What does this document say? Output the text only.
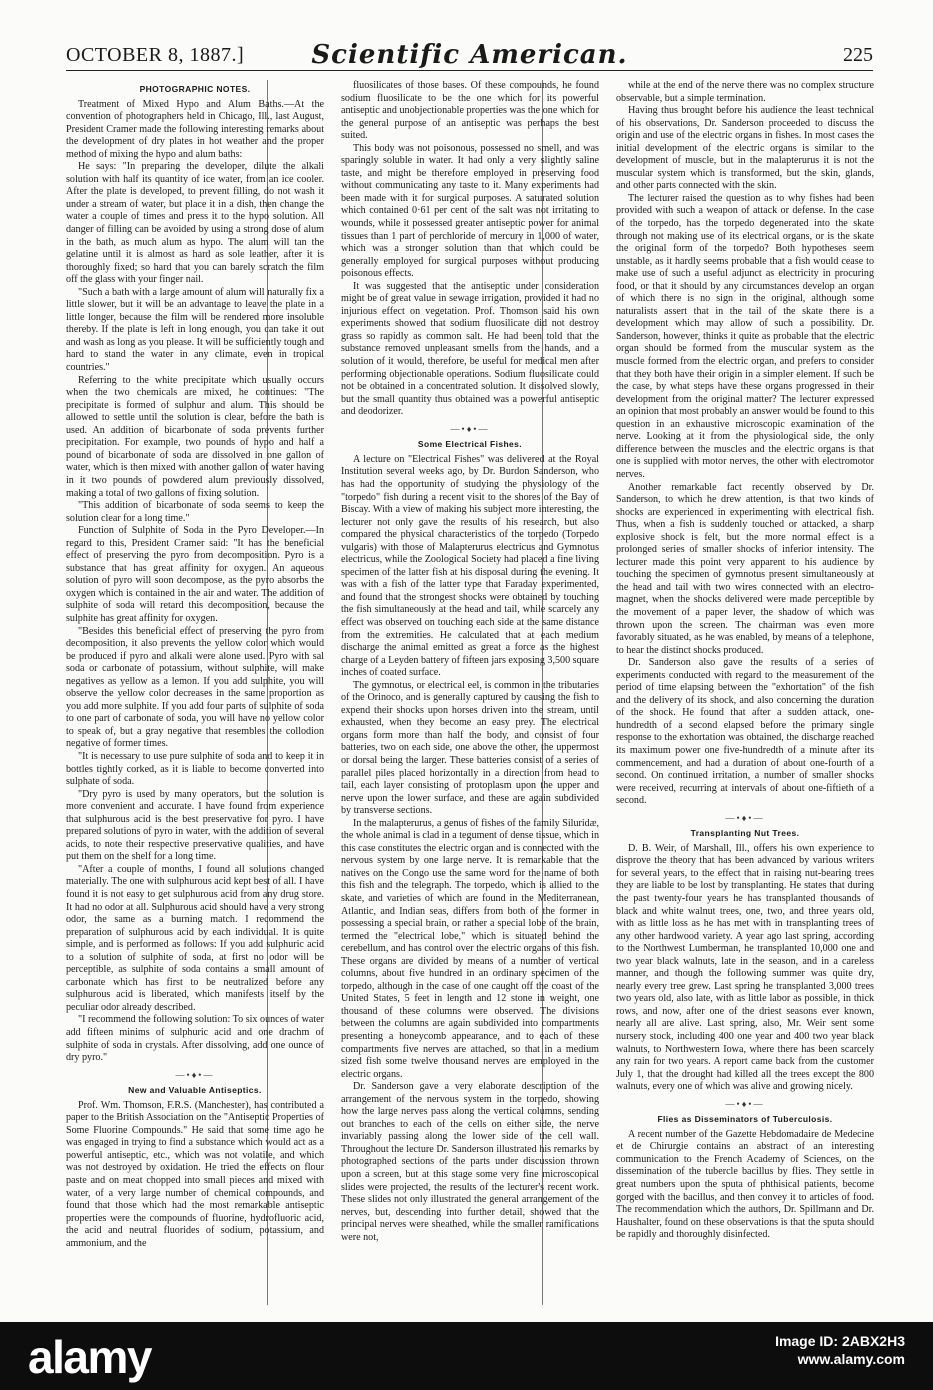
OCTOBER 8, 1887.]	Scientific American.	225
PHOTOGRAPHIC NOTES.

Treatment of Mixed Hypo and Alum Baths.—At the convention of photographers held in Chicago, Ill., last August, President Cramer made the following interesting remarks about the development of dry plates in hot weather and the proper method of mixing the hypo and alum baths:

He says: "In preparing the developer, dilute the alkali solution with half its quantity of ice water, from an ice cooler. After the plate is developed, to prevent filling, do not wash it under a stream of water, but place it in a dish, then change the water a couple of times and press it to the hypo solution. All danger of filling can be avoided by using a strong dose of alum in the bath, as much alum as hypo. The alum will tan the gelatine until it is almost as hard as sole leather, after it is thoroughly fixed; so hard that you can barely scratch the film off the glass with your finger nail.

"Such a bath with a large amount of alum will naturally fix a little slower, but it will be an advantage to leave the plate in a little longer, because the film will be rendered more insoluble thereby. If the plate is left in long enough, you can take it out and wash as long as you please. It will be sufficiently tough and hard to stand the water in any climate, even in tropical countries."

Referring to the white precipitate which usually occurs when the two chemicals are mixed, he continues: "The precipitate is formed of sulphur and alum. This should be allowed to settle until the solution is clear, before the bath is used. An addition of bicarbonate of soda prevents further precipitation. For example, two pounds of hypo and half a pound of bicarbonate of soda are dissolved in one gallon of water, which is then mixed with another gallon of water having in it two pounds of powdered alum previously dissolved, making a total of two gallons of fixing solution.

"This addition of bicarbonate of soda seems to keep the solution clear for a long time."

Function of Sulphite of Soda in the Pyro Developer.—In regard to this, President Cramer said: "It has the beneficial effect of preserving the pyro from decomposition. Pyro is a substance that has great affinity for oxygen. An aqueous solution of pyro will soon decompose, as the pyro absorbs the oxygen which is contained in the air and water. The addition of sulphite of soda will retard this decomposition, because the sulphite has great affinity for oxygen.

"Besides this beneficial effect of preserving the pyro from decomposition, it also prevents the yellow color which would be produced if pyro and alkali were alone used. Pyro with sal soda or carbonate of potassium, without sulphite, will make negatives as yellow as a lemon. If you add sulphite, you will observe the yellow color decreases in the same proportion as you add more sulphite. If you add four parts of sulphite of soda to one part of carbonate of soda, you will have no yellow color to speak of, but a gray negative that resembles the collodion negative of former times.

"It is necessary to use pure sulphite of soda and to keep it in bottles tightly corked, as it is liable to become converted into sulphate of soda.

"Dry pyro is used by many operators, but the solution is more convenient and accurate. I have found from experience that sulphurous acid is the best preservative for pyro. I have prepared solutions of pyro in water, with the addition of several acids, to note their respective preservative qualities, and have put them on the shelf for a long time.

"After a couple of months, I found all solutions changed materially. The one with sulphurous acid kept best of all. I have found it is not easy to get sulphurous acid from any drug store. It had no odor at all. Sulphurous acid should have a very strong odor, the same as a burning match. I recommend the preparation of sulphurous acid by each individual. It is quite simple, and is performed as follows: If you add sulphuric acid to a solution of sulphite of soda, at first no odor will be perceptible, as sulphite of soda contains a small amount of carbonate which has first to be neutralized before any sulphurous acid is liberated, which manifests itself by the peculiar odor already described.

"I recommend the following solution: To six ounces of water add fifteen minims of sulphuric acid and one drachm of sulphite of soda in crystals. After dissolving, add one ounce of dry pyro."

—•♦•—
New and Valuable Antiseptics.

Prof. Wm. Thomson, F.R.S. (Manchester), has contributed a paper to the British Association on the "Antiseptic Properties of Some Fluorine Compounds." He said that some time ago he was engaged in trying to find a substance which would act as a powerful antiseptic, etc., which was not volatile, and which was not destroyed by oxidation. He tried the effects on flour paste and on meat chopped into small pieces and mixed with water, of a very large number of chemical compounds, and found that those which had the most remarkable antiseptic properties were the compounds of fluorine, hydrofluoric acid, the acid and neutral fluorides of sodium, potassium, and ammonium, and the

fluosilicates of those bases. Of these compounds, he found sodium fluosilicate to be the one which for its powerful antiseptic and unobjectionable properties was the one which for the general purpose of an antiseptic was perhaps the best suited.

This body was not poisonous, possessed no smell, and was sparingly soluble in water. It had only a very slightly saline taste, and might be therefore employed in preserving food without communicating any taste to it. Many experiments had been made with it for surgical purposes. A saturated solution which contained 0·61 per cent of the salt was not irritating to wounds, while it possessed greater antiseptic power for animal tissues than 1 part of perchloride of mercury in 1,000 of water, which was a stronger solution than that which could be generally employed for surgical purposes without producing poisonous effects.

It was suggested that the antiseptic under consideration might be of great value in sewage irrigation, provided it had no injurious effect on vegetation. Prof. Thomson said his own experiments showed that sodium fluosilicate did not destroy grass so rapidly as common salt. He had been told that the substance removed unpleasant smells from the hands, and a solution of it would, therefore, be useful for medical men after performing objectionable operations. Sodium fluosilicate could not be obtained in a concentrated solution. It dissolved slowly, but the small quantity thus obtained was a powerful antiseptic and deodorizer.

—•♦•—
Some Electrical Fishes.

A lecture on "Electrical Fishes" was delivered at the Royal Institution several weeks ago, by Dr. Burdon Sanderson, who has had the opportunity of studying the physiology of the "torpedo" fish during a recent visit to the shores of the Bay of Biscay. With a view of making his subject more interesting, the lecturer not only gave the results of his research, but also compared the physical characteristics of the torpedo (Torpedo vulgaris) with those of Malapterurus electricus and Gymnotus electricus, while the Zoological Society had placed a fine living specimen of the latter fish at his disposal during the evening. It was with a fish of the latter type that Faraday experimented, and found that the strongest shocks were obtained by touching the fish simultaneously at the head and tail, while scarcely any effect was observed on touching each side at the same distance from the extremities. He calculated that at each medium discharge the animal emitted as great a force as the highest charge of a Leyden battery of fifteen jars exposing 3,500 square inches of coated surface.

The gymnotus, or electrical eel, is common in the tributaries of the Orinoco, and is generally captured by causing the fish to expend their shocks upon horses driven into the stream, until exhausted, when they become an easy prey. The electrical organs form more than half the body, and consist of four batteries, two on each side, one above the other, the uppermost or dorsal being the larger. These batteries consist of a series of parallel piles placed horizontally in a direction from head to tail, each layer consisting of protoplasm upon the upper and nerve upon the lower surface, and these are again subdivided by transverse sections.

In the malapterurus, a genus of fishes of the family Siluridæ, the whole animal is clad in a tegument of dense tissue, which in this case constitutes the electric organ and is connected with the nervous system by one large nerve. It is remarkable that the natives on the Congo use the same word for the name of both this fish and the telegraph. The torpedo, which is allied to the skate, and varieties of which are found in the Mediterranean, Atlantic, and Indian seas, differs from both of the former in possessing a special brain, or rather a special lobe of the brain, termed the "electrical lobe," which is situated behind the cerebellum, and has control over the electric organs of this fish. These organs are divided by means of a number of vertical columns, about five hundred in an ordinary specimen of the torpedo, although in the case of one caught off the coast of the United States, 5 feet in length and 12 stone in weight, one thousand of these columns were observed. The divisions between the columns are again subdivided into compartments presenting a honeycomb appearance, and to each of these compartments five nerves are attached, so that in a medium sized fish some twelve thousand nerves are employed in the electric organs.

Dr. Sanderson gave a very elaborate description of the arrangement of the nervous system in the torpedo, showing how the large nerves pass along the vertical columns, sending out branches to each of the cells on either side, the nerve invariably passing along the lower side of the cell wall. Throughout the lecture Dr. Sanderson illustrated his remarks by photographed sections of the parts under discussion thrown upon a screen, but at this stage some very fine microscopical slides were projected, the results of the lecturer's recent work. These slides not only illustrated the general arrangement of the nerves, but, descending into further detail, showed that the principal nerves were sheathed, while the smaller ramifications were not,

while at the end of the nerve there was no complex structure observable, but a simple termination.

Having thus brought before his audience the least technical of his observations, Dr. Sanderson proceeded to discuss the origin and use of the electric organs in fishes. In most cases the initial development of the electric organs is similar to the development of muscle, but in the malapterurus it is not the muscular system which is transformed, but the skin, glands, and other parts connected with the skin.

The lecturer raised the question as to why fishes had been provided with such a weapon of attack or defense. In the case of the torpedo, has the torpedo degenerated into the skate through not making use of its electrical organs, or is the skate the original form of the torpedo? Both hypotheses seem unstable, as it hardly seems probable that a fish would cease to make use of such a useful adjunct as electricity in procuring food, or that it should by any circumstances develop an organ of which there is no sign in the original, although some naturalists assert that in the tail of the skate there is a development which may allow of such a possibility. Dr. Sanderson, however, thinks it quite as probable that the electric organ should be formed from the muscular system as the muscle formed from the electric organ, and prefers to consider that they both have their origin in a simpler element. If such be the case, by what steps have these organs progressed in their development from the original matter? The lecturer expressed an opinion that most probably an answer would be found to this question in an exhaustive microscopic examination of the nerve. Looking at it from the physiological side, the only difference between the muscles and the electric organs is that one is supplied with motor nerves, the other with electromotor nerves.

Another remarkable fact recently observed by Dr. Sanderson, to which he drew attention, is that two kinds of shocks are experienced in experimenting with electrical fish. Thus, when a fish is suddenly touched or attacked, a sharp explosive shock is felt, but the more normal effect is a prolonged series of smaller shocks of inferior intensity. The lecturer made this point very apparent to his audience by touching the specimen of gymnotus present simultaneously at the head and tail with two wires connected with an electro-magnet, when the shocks delivered were made perceptible by the movement of a paper lever, the shadow of which was thrown upon the screen. The chairman was even more favorably situated, as he was enabled, by means of a telephone, to hear the distinct shocks produced.

Dr. Sanderson also gave the results of a series of experiments conducted with regard to the measurement of the period of time elapsing between the "exhortation" of the fish and the delivery of its shock, and also concerning the duration of the shock. He found that after a sudden attack, one-hundredth of a second elapsed before the primary single response to the exhortation was obtained, the discharge reached its maximum power one five-hundredth of a minute after its commencement, and had a duration of about one-fourth of a second. On continued irritation, a number of smaller shocks were received, recurring at intervals of about one-fiftieth of a second.

—•♦•—
Transplanting Nut Trees.

D. B. Weir, of Marshall, Ill., offers his own experience to disprove the theory that has been advanced by various writers for several years, to the effect that in raising nut-bearing trees they are liable to be lost by transplanting. He states that during the past twenty-four years he has transplanted thousands of black and white walnut trees, one, two, and three years old, with as little loss as he has met with in transplanting trees of any other hardwood variety. A year ago last spring, according to the Northwest Lumberman, he transplanted 10,000 one and two year black walnuts, late in the season, and in a careless manner, and though the following summer was quite dry, nearly every tree grew. Last spring he transplanted 3,000 trees two years old, also late, with as little labor as possible, in thick rows, and now, after one of the driest seasons ever known, nearly all are alive. Last spring, also, Mr. Weir sent some nursery stock, including 400 one year and 400 two year black walnuts, to Northwestern Iowa, where there has been scarcely any rain for two years. A report came back from the customer July 1, that the drought had killed all the trees except the 800 walnuts, every one of which was alive and growing nicely.

—•♦•—
Flies as Disseminators of Tuberculosis.

A recent number of the Gazette Hebdomadaire de Medecine et de Chirurgie contains an abstract of an interesting communication to the French Academy of Sciences, on the dissemination of the tubercle bacillus by flies. They settle in great numbers upon the sputa of phthisical patients, become gorged with the bacillus, and then convey it to articles of food. The recommendation which the authors, Dr. Spillmann and Dr. Haushalter, found on these observations is that the sputa should be rapidly and thoroughly disinfected.

alamy	Image ID: 2ABX2H3
www.alamy.com
